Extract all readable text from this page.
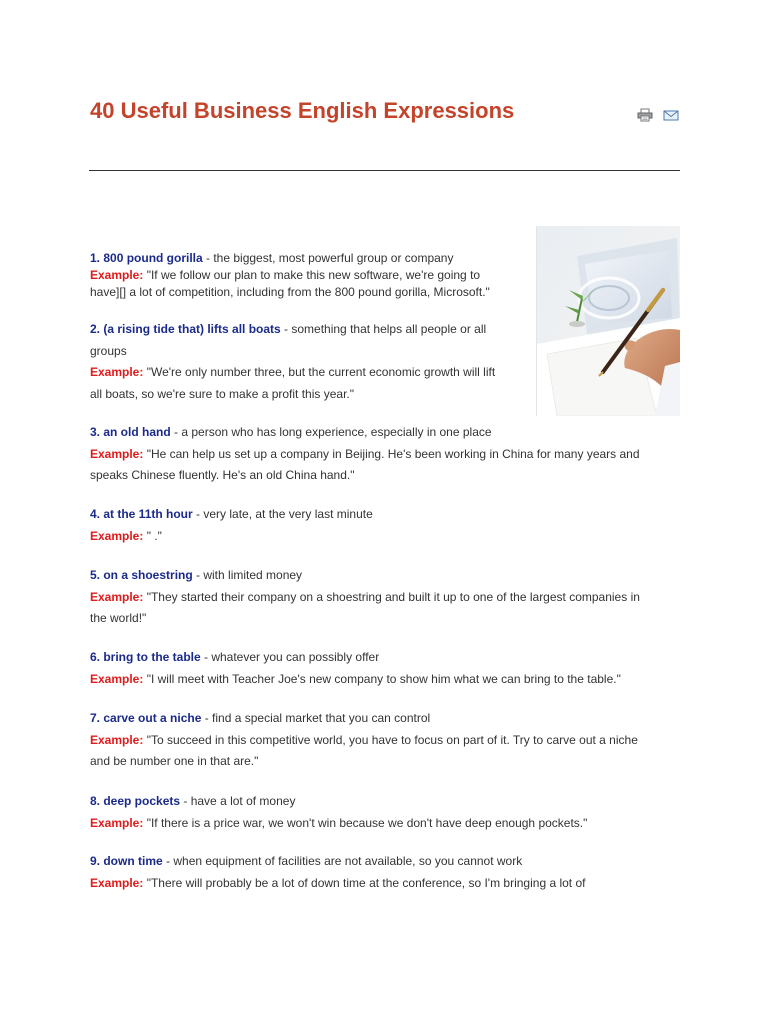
40 Useful Business English Expressions

1. 800 pound gorilla - the biggest, most powerful group or company
Example: "If we follow our plan to make this new software, we're going to
have][] a lot of competition, including from the 800 pound gorilla, Microsoft."

2. (a rising tide that) lifts all boats - something that helps all people or all
groups
Example: "We're only number three, but the current economic growth will lift
all boats, so we're sure to make a profit this year."

3. an old hand - a person who has long experience, especially in one place
Example: "He can help us set up a company in Beijing. He's been working in China for many years and
speaks Chinese fluently. He's an old China hand."

4. at the 11th hour - very late, at the very last minute
Example: " ."

5. on a shoestring - with limited money
Example: "They started their company on a shoestring and built it up to one of the largest companies in
the world!"

6. bring to the table - whatever you can possibly offer
Example: "I will meet with Teacher Joe's new company to show him what we can bring to the table."

7. carve out a niche - find a special market that you can control
Example: "To succeed in this competitive world, you have to focus on part of it. Try to carve out a niche
and be number one in that are."

8. deep pockets - have a lot of money
Example: "If there is a price war, we won't win because we don't have deep enough pockets."

9. down time - when equipment of facilities are not available, so you cannot work
Example: "There will probably be a lot of down time at the conference, so I'm bringing a lot of
